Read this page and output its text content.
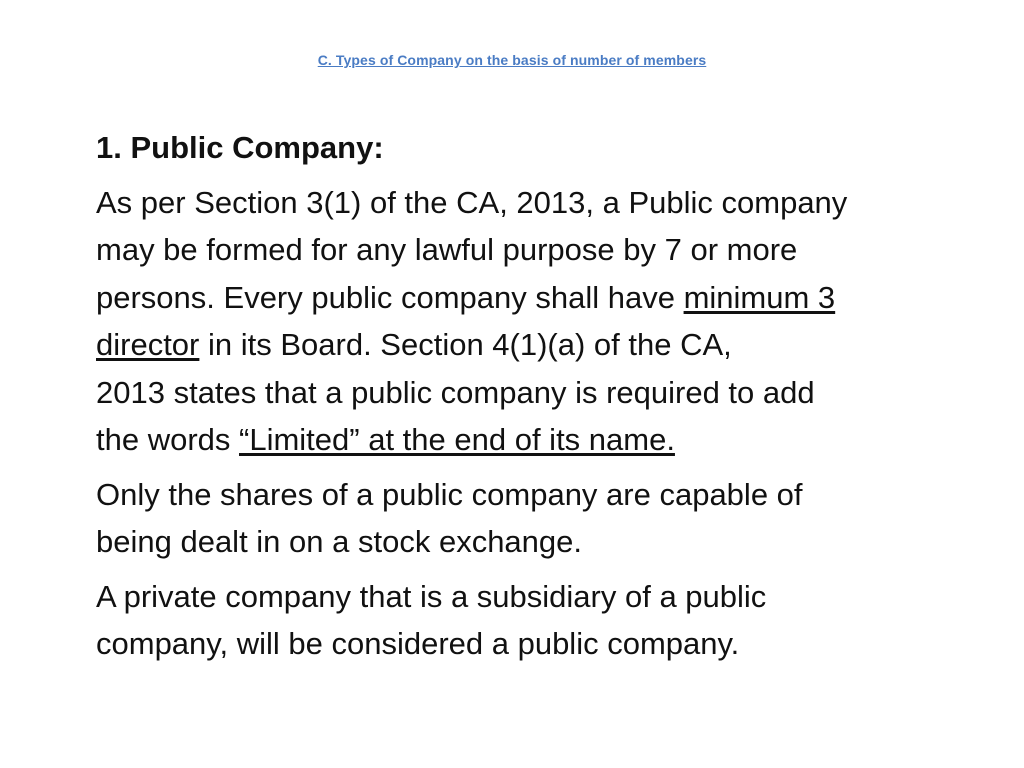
C. Types of Company on the basis of number of members
1. Public Company:
As per Section 3(1) of the CA, 2013, a Public company
may be formed for any lawful purpose by 7 or more
persons. Every public company shall have minimum 3
director in its Board. Section 4(1)(a) of the CA,
2013 states that a public company is required to add
the words “Limited” at the end of its name.
Only the shares of a public company are capable of
being dealt in on a stock exchange.
A private company that is a subsidiary of a public
company, will be considered a public company.
